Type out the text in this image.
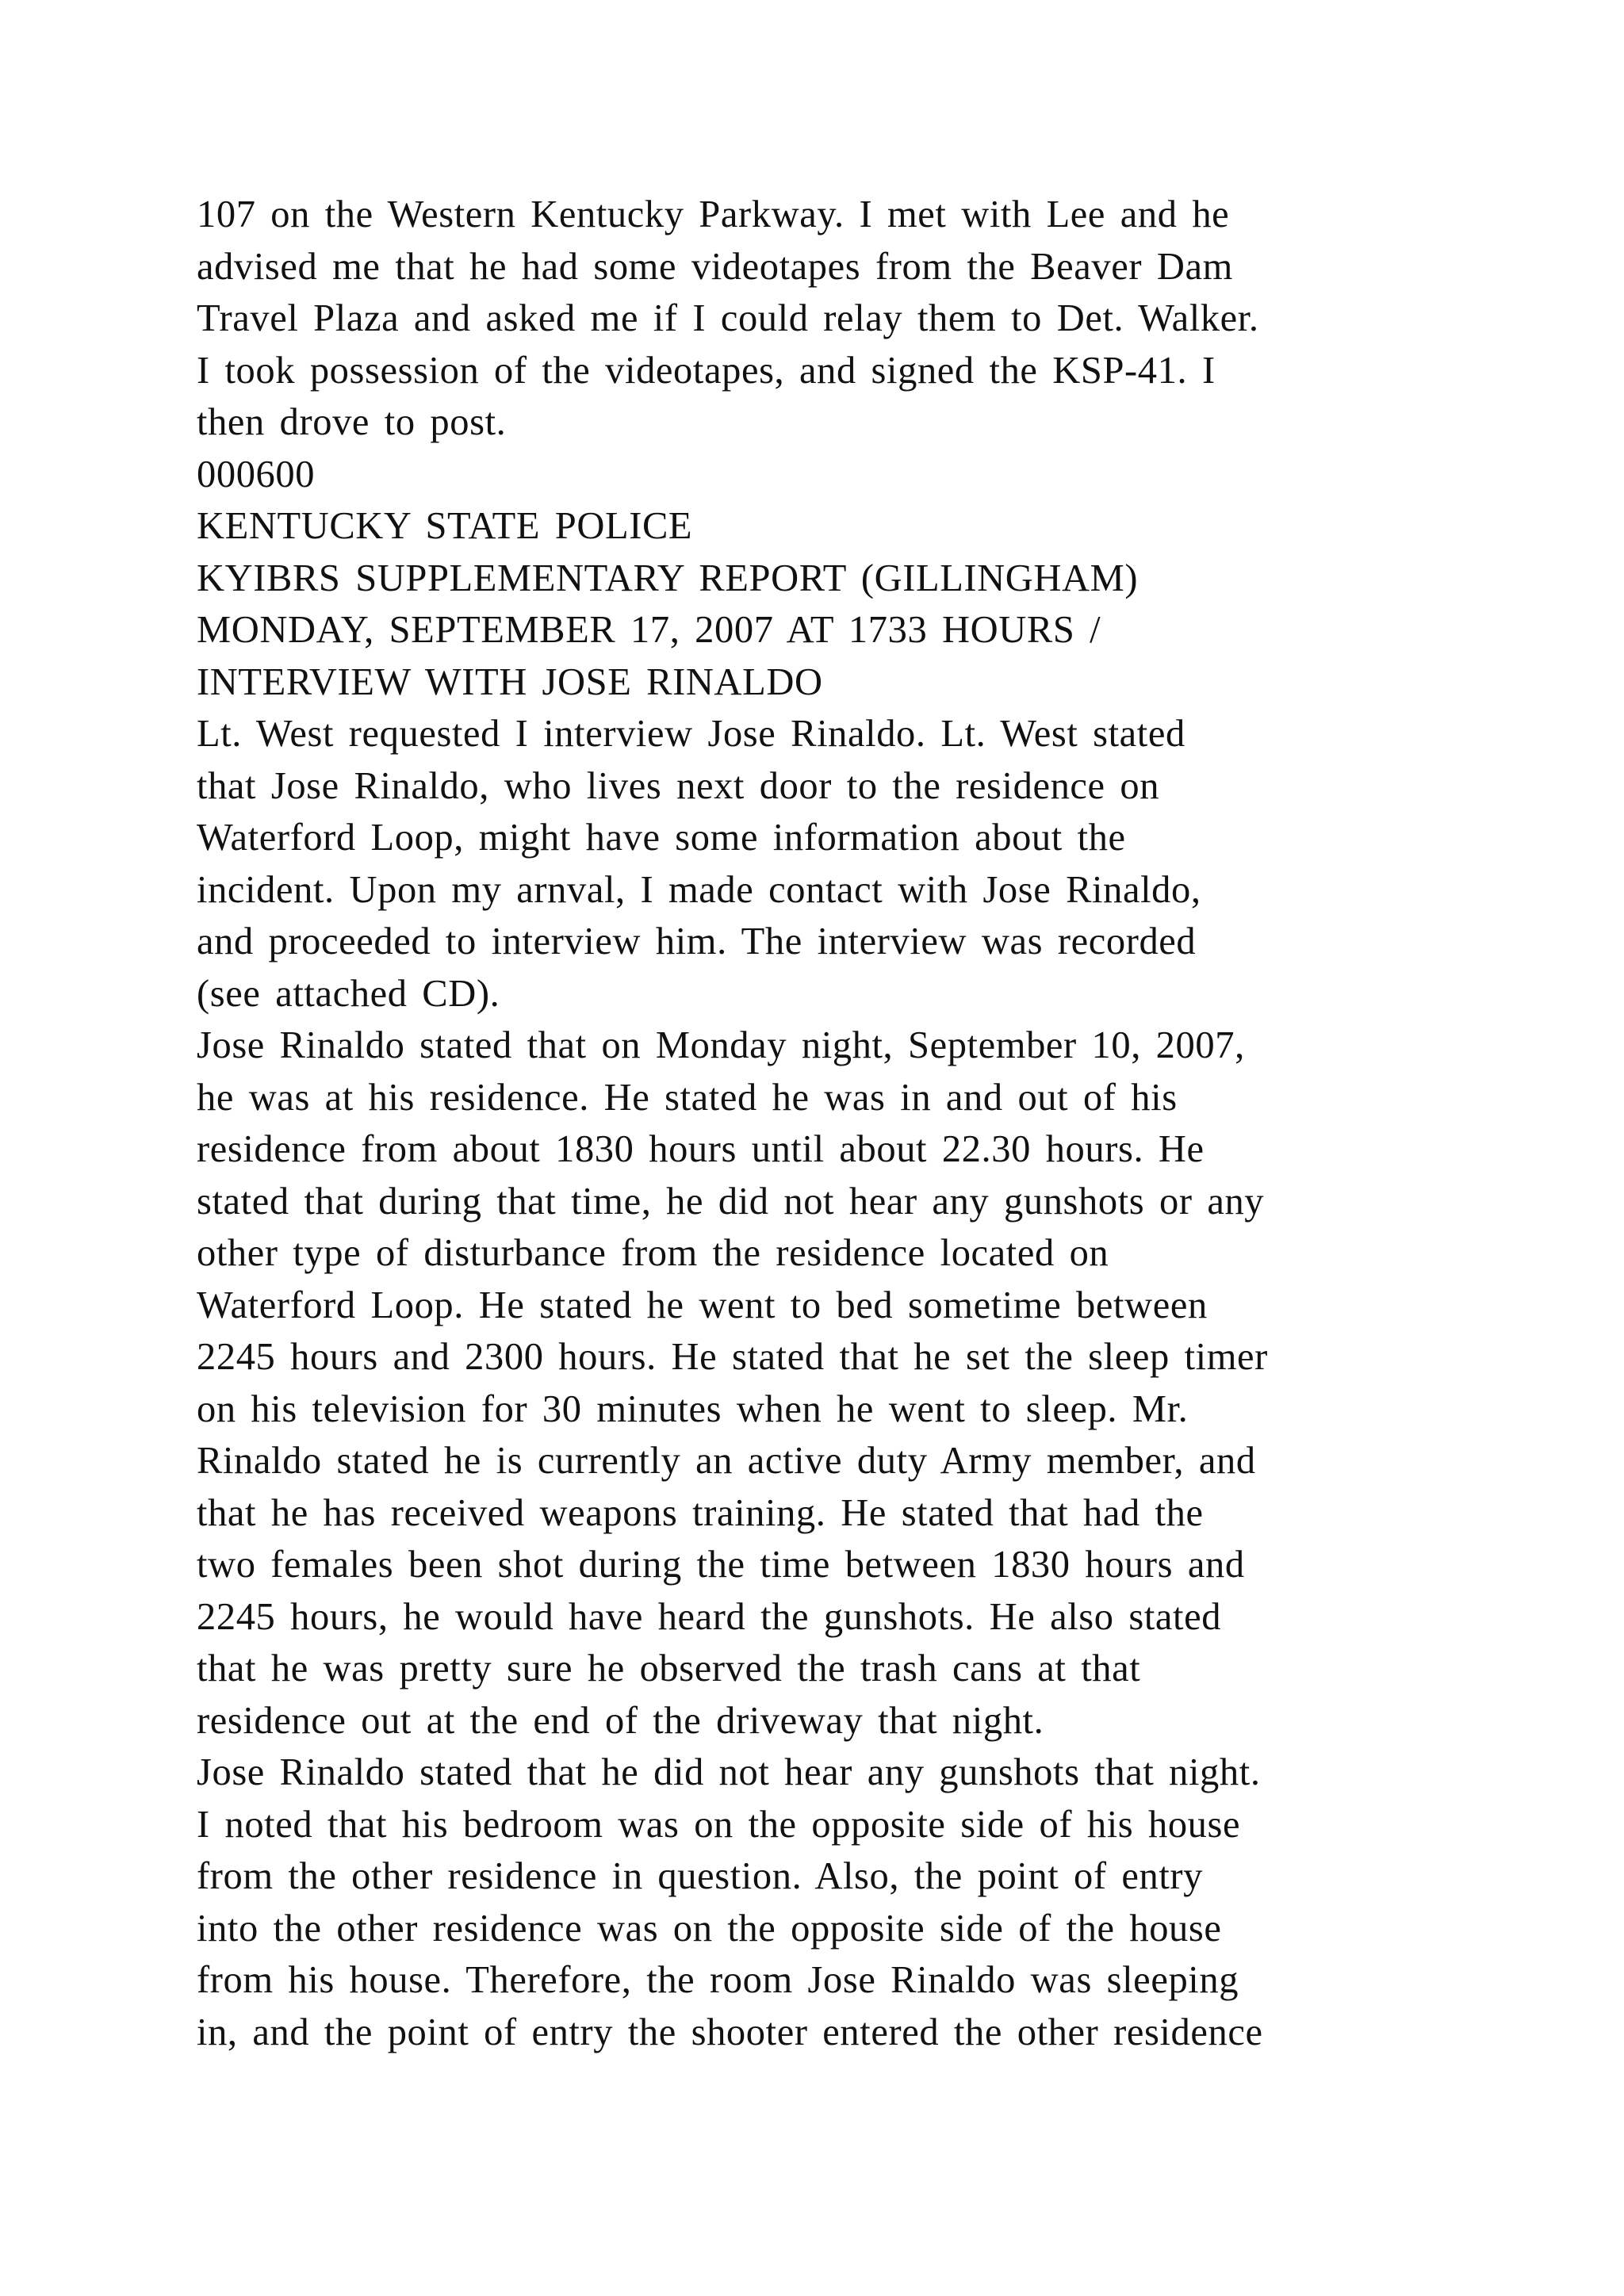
107 on the Western Kentucky Parkway. I met with Lee and he
advised me that he had some videotapes from the Beaver Dam
Travel Plaza and asked me if I could relay them to Det. Walker.
I took possession of the videotapes, and signed the KSP-41. I
then drove to post.
000600
KENTUCKY STATE POLICE
KYIBRS SUPPLEMENTARY REPORT (GILLINGHAM)
MONDAY, SEPTEMBER 17, 2007 AT 1733 HOURS /
INTERVIEW WITH JOSE RINALDO
Lt. West requested I interview Jose Rinaldo. Lt. West stated
that Jose Rinaldo, who lives next door to the residence on
Waterford Loop, might have some information about the
incident. Upon my arnval, I made contact with Jose Rinaldo,
and proceeded to interview him. The interview was recorded
(see attached CD).
Jose Rinaldo stated that on Monday night, September 10, 2007,
he was at his residence. He stated he was in and out of his
residence from about 1830 hours until about 22.30 hours. He
stated that during that time, he did not hear any gunshots or any
other type of disturbance from the residence located on
Waterford Loop. He stated he went to bed sometime between
2245 hours and 2300 hours. He stated that he set the sleep timer
on his television for 30 minutes when he went to sleep. Mr.
Rinaldo stated he is currently an active duty Army member, and
that he has received weapons training. He stated that had the
two females been shot during the time between 1830 hours and
2245 hours, he would have heard the gunshots. He also stated
that he was pretty sure he observed the trash cans at that
residence out at the end of the driveway that night.
Jose Rinaldo stated that he did not hear any gunshots that night.
I noted that his bedroom was on the opposite side of his house
from the other residence in question. Also, the point of entry
into the other residence was on the opposite side of the house
from his house. Therefore, the room Jose Rinaldo was sleeping
in, and the point of entry the shooter entered the other residence
